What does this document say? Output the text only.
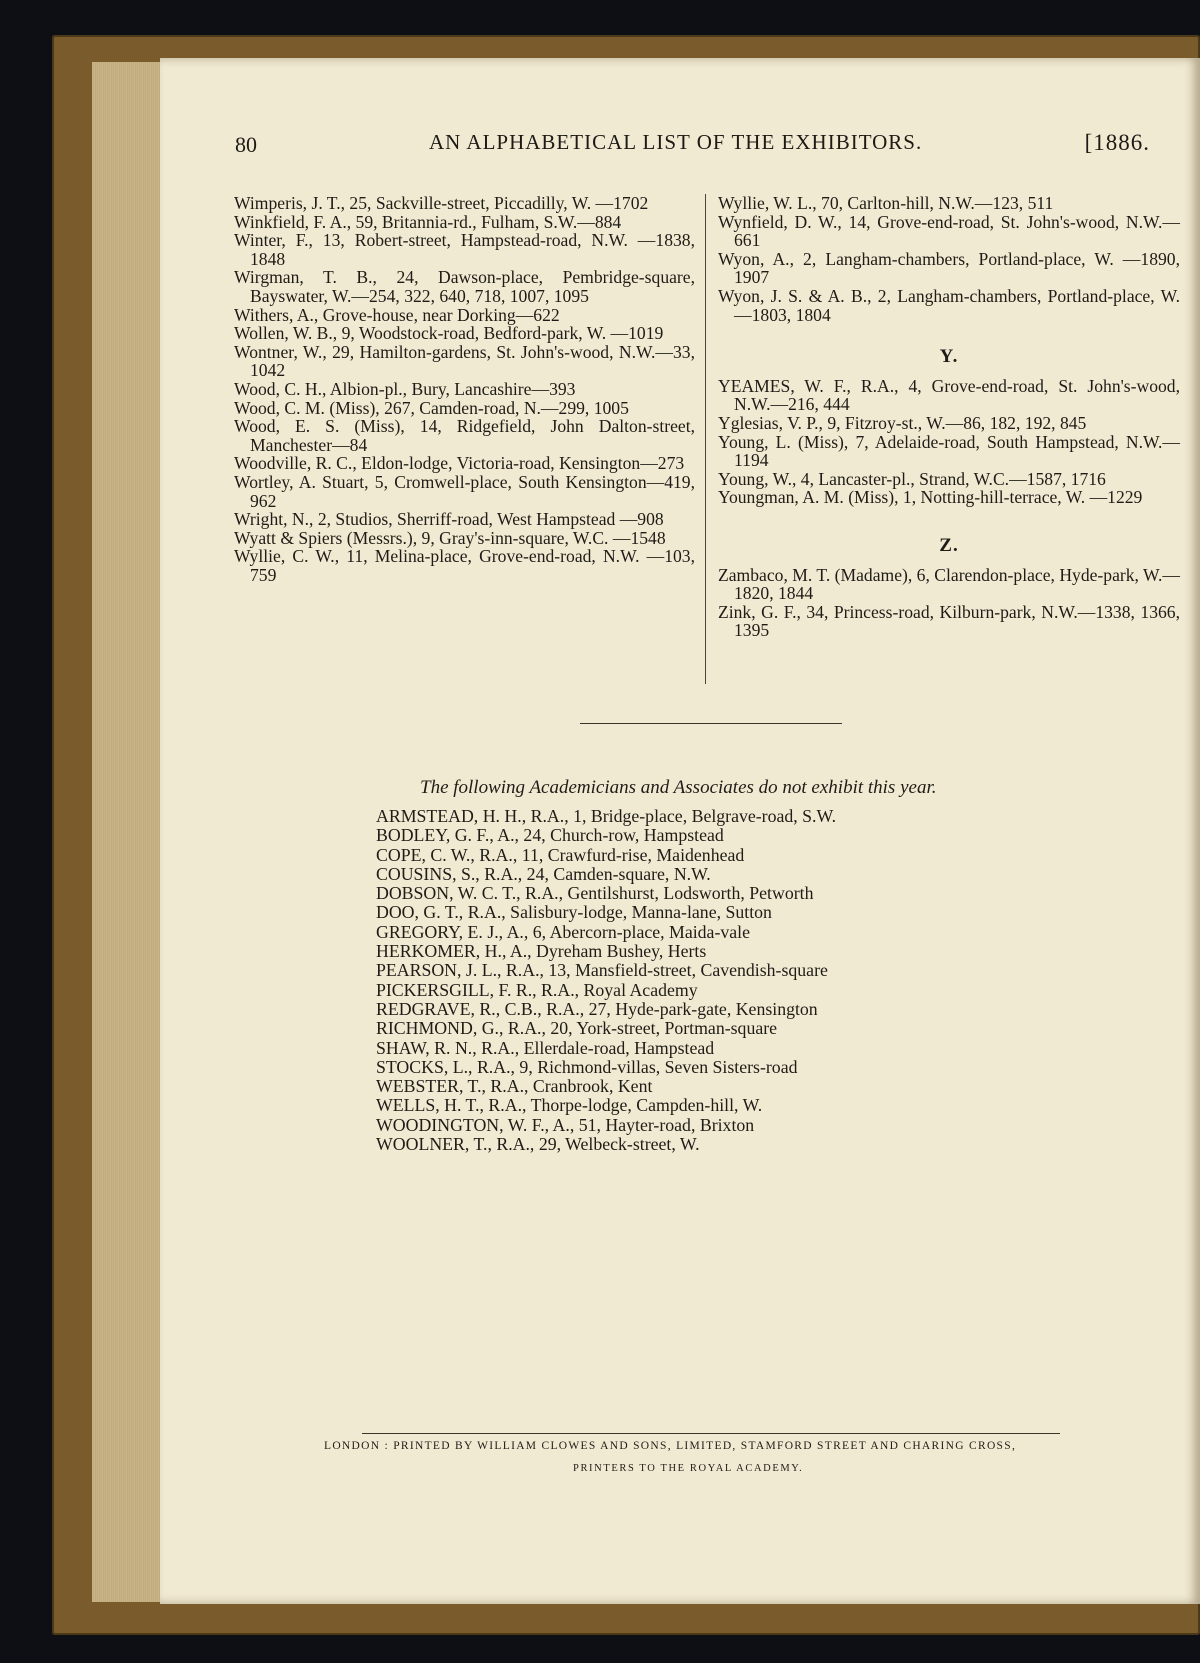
80	AN ALPHABETICAL LIST OF THE EXHIBITORS.	[1886.

Wimperis, J. T., 25, Sackville-street, Piccadilly, W. —1702

Winkfield, F. A., 59, Britannia-rd., Fulham, S.W.—884

Winter, F., 13, Robert-street, Hampstead-road, N.W. —1838, 1848

Wirgman, T. B., 24, Dawson-place, Pembridge-square, Bayswater, W.—254, 322, 640, 718, 1007, 1095

Withers, A., Grove-house, near Dorking—622

Wollen, W. B., 9, Woodstock-road, Bedford-park, W. —1019

Wontner, W., 29, Hamilton-gardens, St. John's-wood, N.W.—33, 1042

Wood, C. H., Albion-pl., Bury, Lancashire—393

Wood, C. M. (Miss), 267, Camden-road, N.—299, 1005

Wood, E. S. (Miss), 14, Ridgefield, John Dalton-street, Manchester—84

Woodville, R. C., Eldon-lodge, Victoria-road, Kensington—273

Wortley, A. Stuart, 5, Cromwell-place, South Kensington—419, 962

Wright, N., 2, Studios, Sherriff-road, West Hampstead —908

Wyatt & Spiers (Messrs.), 9, Gray's-inn-square, W.C. —1548

Wyllie, C. W., 11, Melina-place, Grove-end-road, N.W. —103, 759

Wyllie, W. L., 70, Carlton-hill, N.W.—123, 511

Wynfield, D. W., 14, Grove-end-road, St. John's-wood, N.W.—661

Wyon, A., 2, Langham-chambers, Portland-place, W. —1890, 1907

Wyon, J. S. & A. B., 2, Langham-chambers, Portland-place, W.—1803, 1804

Y.

YEAMES, W. F., R.A., 4, Grove-end-road, St. John's-wood, N.W.—216, 444

Yglesias, V. P., 9, Fitzroy-st., W.—86, 182, 192, 845

Young, L. (Miss), 7, Adelaide-road, South Hampstead, N.W.—1194

Young, W., 4, Lancaster-pl., Strand, W.C.—1587, 1716

Youngman, A. M. (Miss), 1, Notting-hill-terrace, W. —1229

Z.

Zambaco, M. T. (Madame), 6, Clarendon-place, Hyde-park, W.—1820, 1844

Zink, G. F., 34, Princess-road, Kilburn-park, N.W.—1338, 1366, 1395

The following Academicians and Associates do not exhibit this year.
ARMSTEAD, H. H., R.A., 1, Bridge-place, Belgrave-road, S.W.
BODLEY, G. F., A., 24, Church-row, Hampstead
COPE, C. W., R.A., 11, Crawfurd-rise, Maidenhead
COUSINS, S., R.A., 24, Camden-square, N.W.
DOBSON, W. C. T., R.A., Gentilshurst, Lodsworth, Petworth
DOO, G. T., R.A., Salisbury-lodge, Manna-lane, Sutton
GREGORY, E. J., A., 6, Abercorn-place, Maida-vale
HERKOMER, H., A., Dyreham Bushey, Herts
PEARSON, J. L., R.A., 13, Mansfield-street, Cavendish-square
PICKERSGILL, F. R., R.A., Royal Academy
REDGRAVE, R., C.B., R.A., 27, Hyde-park-gate, Kensington
RICHMOND, G., R.A., 20, York-street, Portman-square
SHAW, R. N., R.A., Ellerdale-road, Hampstead
STOCKS, L., R.A., 9, Richmond-villas, Seven Sisters-road
WEBSTER, T., R.A., Cranbrook, Kent
WELLS, H. T., R.A., Thorpe-lodge, Campden-hill, W.
WOODINGTON, W. F., A., 51, Hayter-road, Brixton
WOOLNER, T., R.A., 29, Welbeck-street, W.
LONDON : PRINTED BY WILLIAM CLOWES AND SONS, LIMITED, STAMFORD STREET AND CHARING CROSS,
PRINTERS TO THE ROYAL ACADEMY.
